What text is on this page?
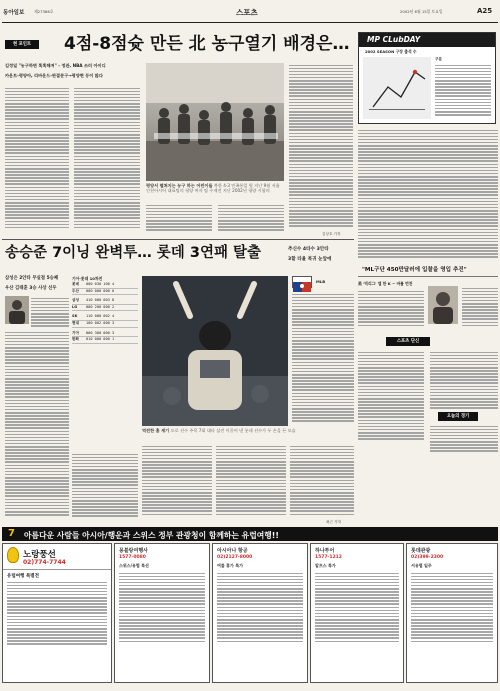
동아일보	제27386호	스포츠	2002년 6월 15일 토요일	A25
현 포인트	4점-8점슛 만든 北 농구열기 배경은…
김정일 "농구하면 똑똑해져" - 정관, NBA 쓰러 아이디
카운트-평양아, 리바운드-판결문구→평양현 등이 많다
평양서 펼쳐지는 농구 하는 어린이들 북한 4·3 민족통일 원 지난 9월 서울 인천아시아 대표팀의 평양 여자 팀 수제전 지난 2002년 평양 시합의
김상호 기자
MP CLubDAY
2002 SEASON 구장 출석 수
구분
"ML구단 450만달러에 입찰을 영입 추진"
美 '빅리그' 엘 한 K ~ 바를 번찬
스포츠 단신
오늘의 경기
송승준 7이닝 완벽투… 롯데 3연패 탈출	추신수 4타수 3안타
3할 타율 복귀 눈앞에
삼성은 2안타 무실점 5승째
우산 김태훈 3승 사상 선두
기아-롯데 10차전
롯데	000 030 100 4
두산	000 000 000 0
삼성	410 000 003 8
LG	000 200 000 2
SK	110 000 002 4
현대	100 002 000 3
기아	000 300 000 3
한화	010 000 000 1
역전한 홈 세기 프로 선수 주목 7회 대타 삼진 이끌어 낸 롯데 선수가 두 손을 든 모습
MLB
최근 기자
7 아름다운 사람들 아시아/행운과 스위스 정부 관광청이 함께하는 유럽여행!!
노랑풍선
02)774-7744
유럽여행 특별전
몽블랑여행사
1577-0080
스위스/유럽 특선
아시아나 항공
02)2127-8000
여름 휴가 특가
하나투어
1577-1212
알프스 특가
롯데관광
02)399-2300
서유럽 일주
